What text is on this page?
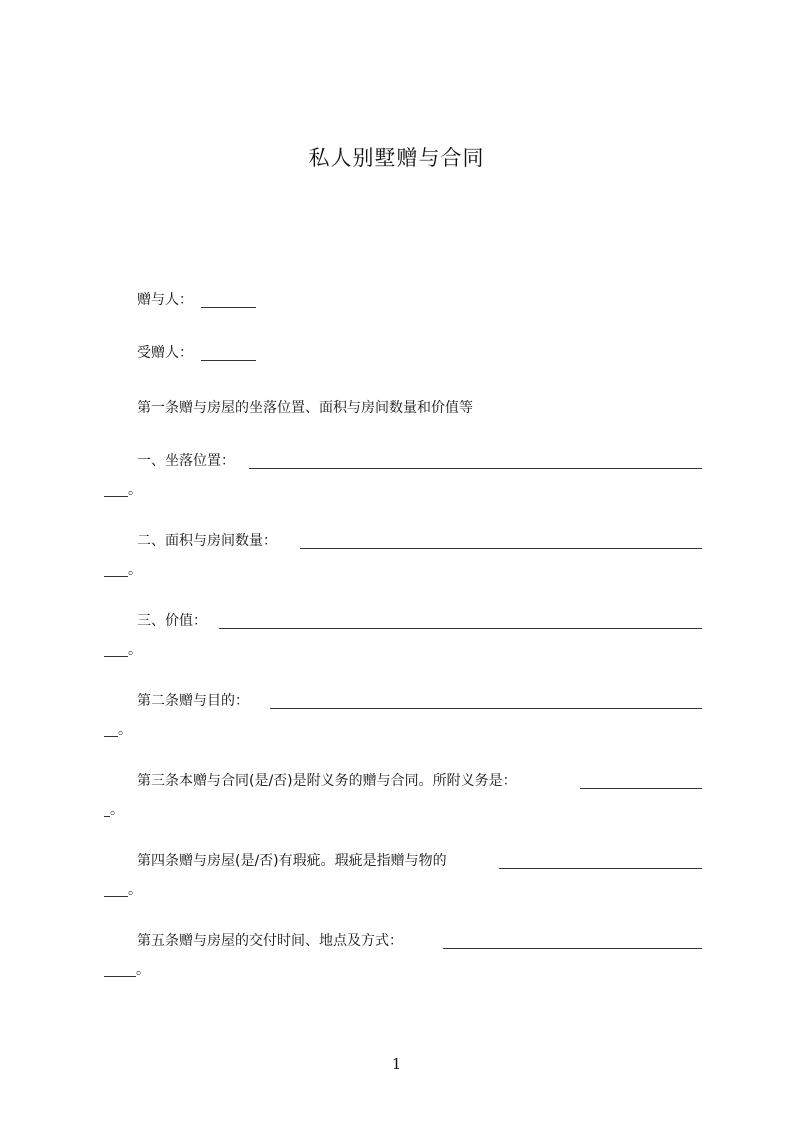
私人别墅赠与合同
赠与人：
受赠人：
第一条赠与房屋的坐落位置、面积与房间数量和价值等
一、坐落位置：
。
二、面积与房间数量：
。
三、价值：
。
第二条赠与目的：
。
第三条本赠与合同(是/否)是附义务的赠与合同。所附义务是：
。
第四条赠与房屋(是/否)有瑕疵。瑕疵是指赠与物的
。
第五条赠与房屋的交付时间、地点及方式：
。
1
